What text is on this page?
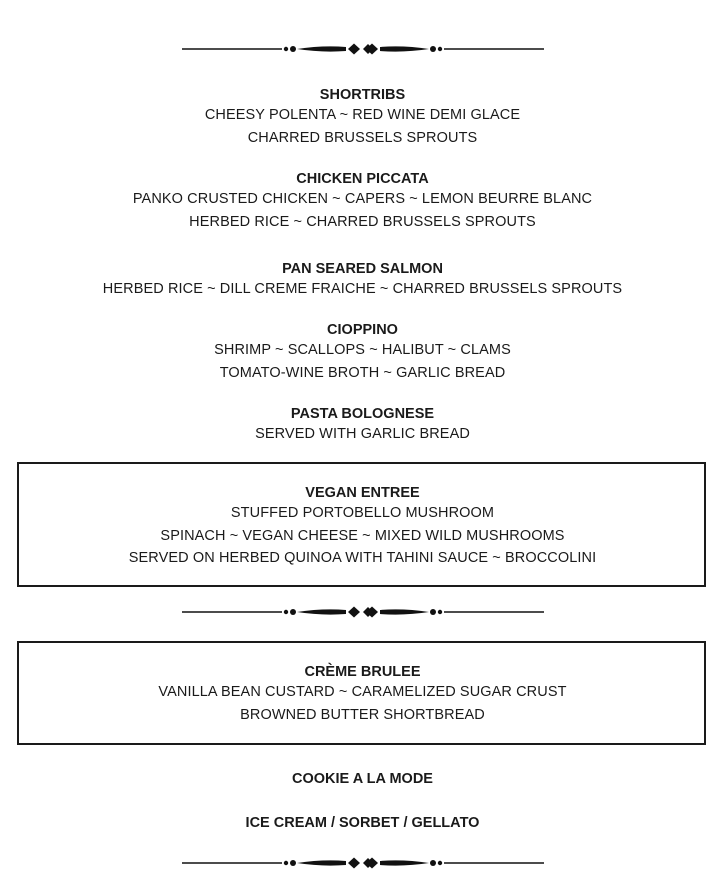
SHORTRIBS
CHEESY POLENTA ~ RED WINE DEMI GLACE
CHARRED BRUSSELS SPROUTS
CHICKEN PICCATA
PANKO CRUSTED CHICKEN ~ CAPERS ~ LEMON BEURRE BLANC
HERBED RICE ~ CHARRED BRUSSELS SPROUTS
PAN SEARED SALMON
HERBED RICE ~ DILL CREME FRAICHE ~ CHARRED BRUSSELS SPROUTS
CIOPPINO
SHRIMP ~ SCALLOPS ~ HALIBUT ~ CLAMS
TOMATO-WINE BROTH ~ GARLIC BREAD
PASTA BOLOGNESE
SERVED WITH GARLIC BREAD
VEGAN ENTREE
STUFFED PORTOBELLO MUSHROOM
SPINACH ~ VEGAN CHEESE ~ MIXED WILD MUSHROOMS
SERVED ON HERBED QUINOA WITH TAHINI SAUCE ~ BROCCOLINI
CRÈME BRULEE
VANILLA BEAN CUSTARD ~ CARAMELIZED SUGAR CRUST
BROWNED BUTTER SHORTBREAD
COOKIE A LA MODE
ICE CREAM / SORBET / GELLATO
